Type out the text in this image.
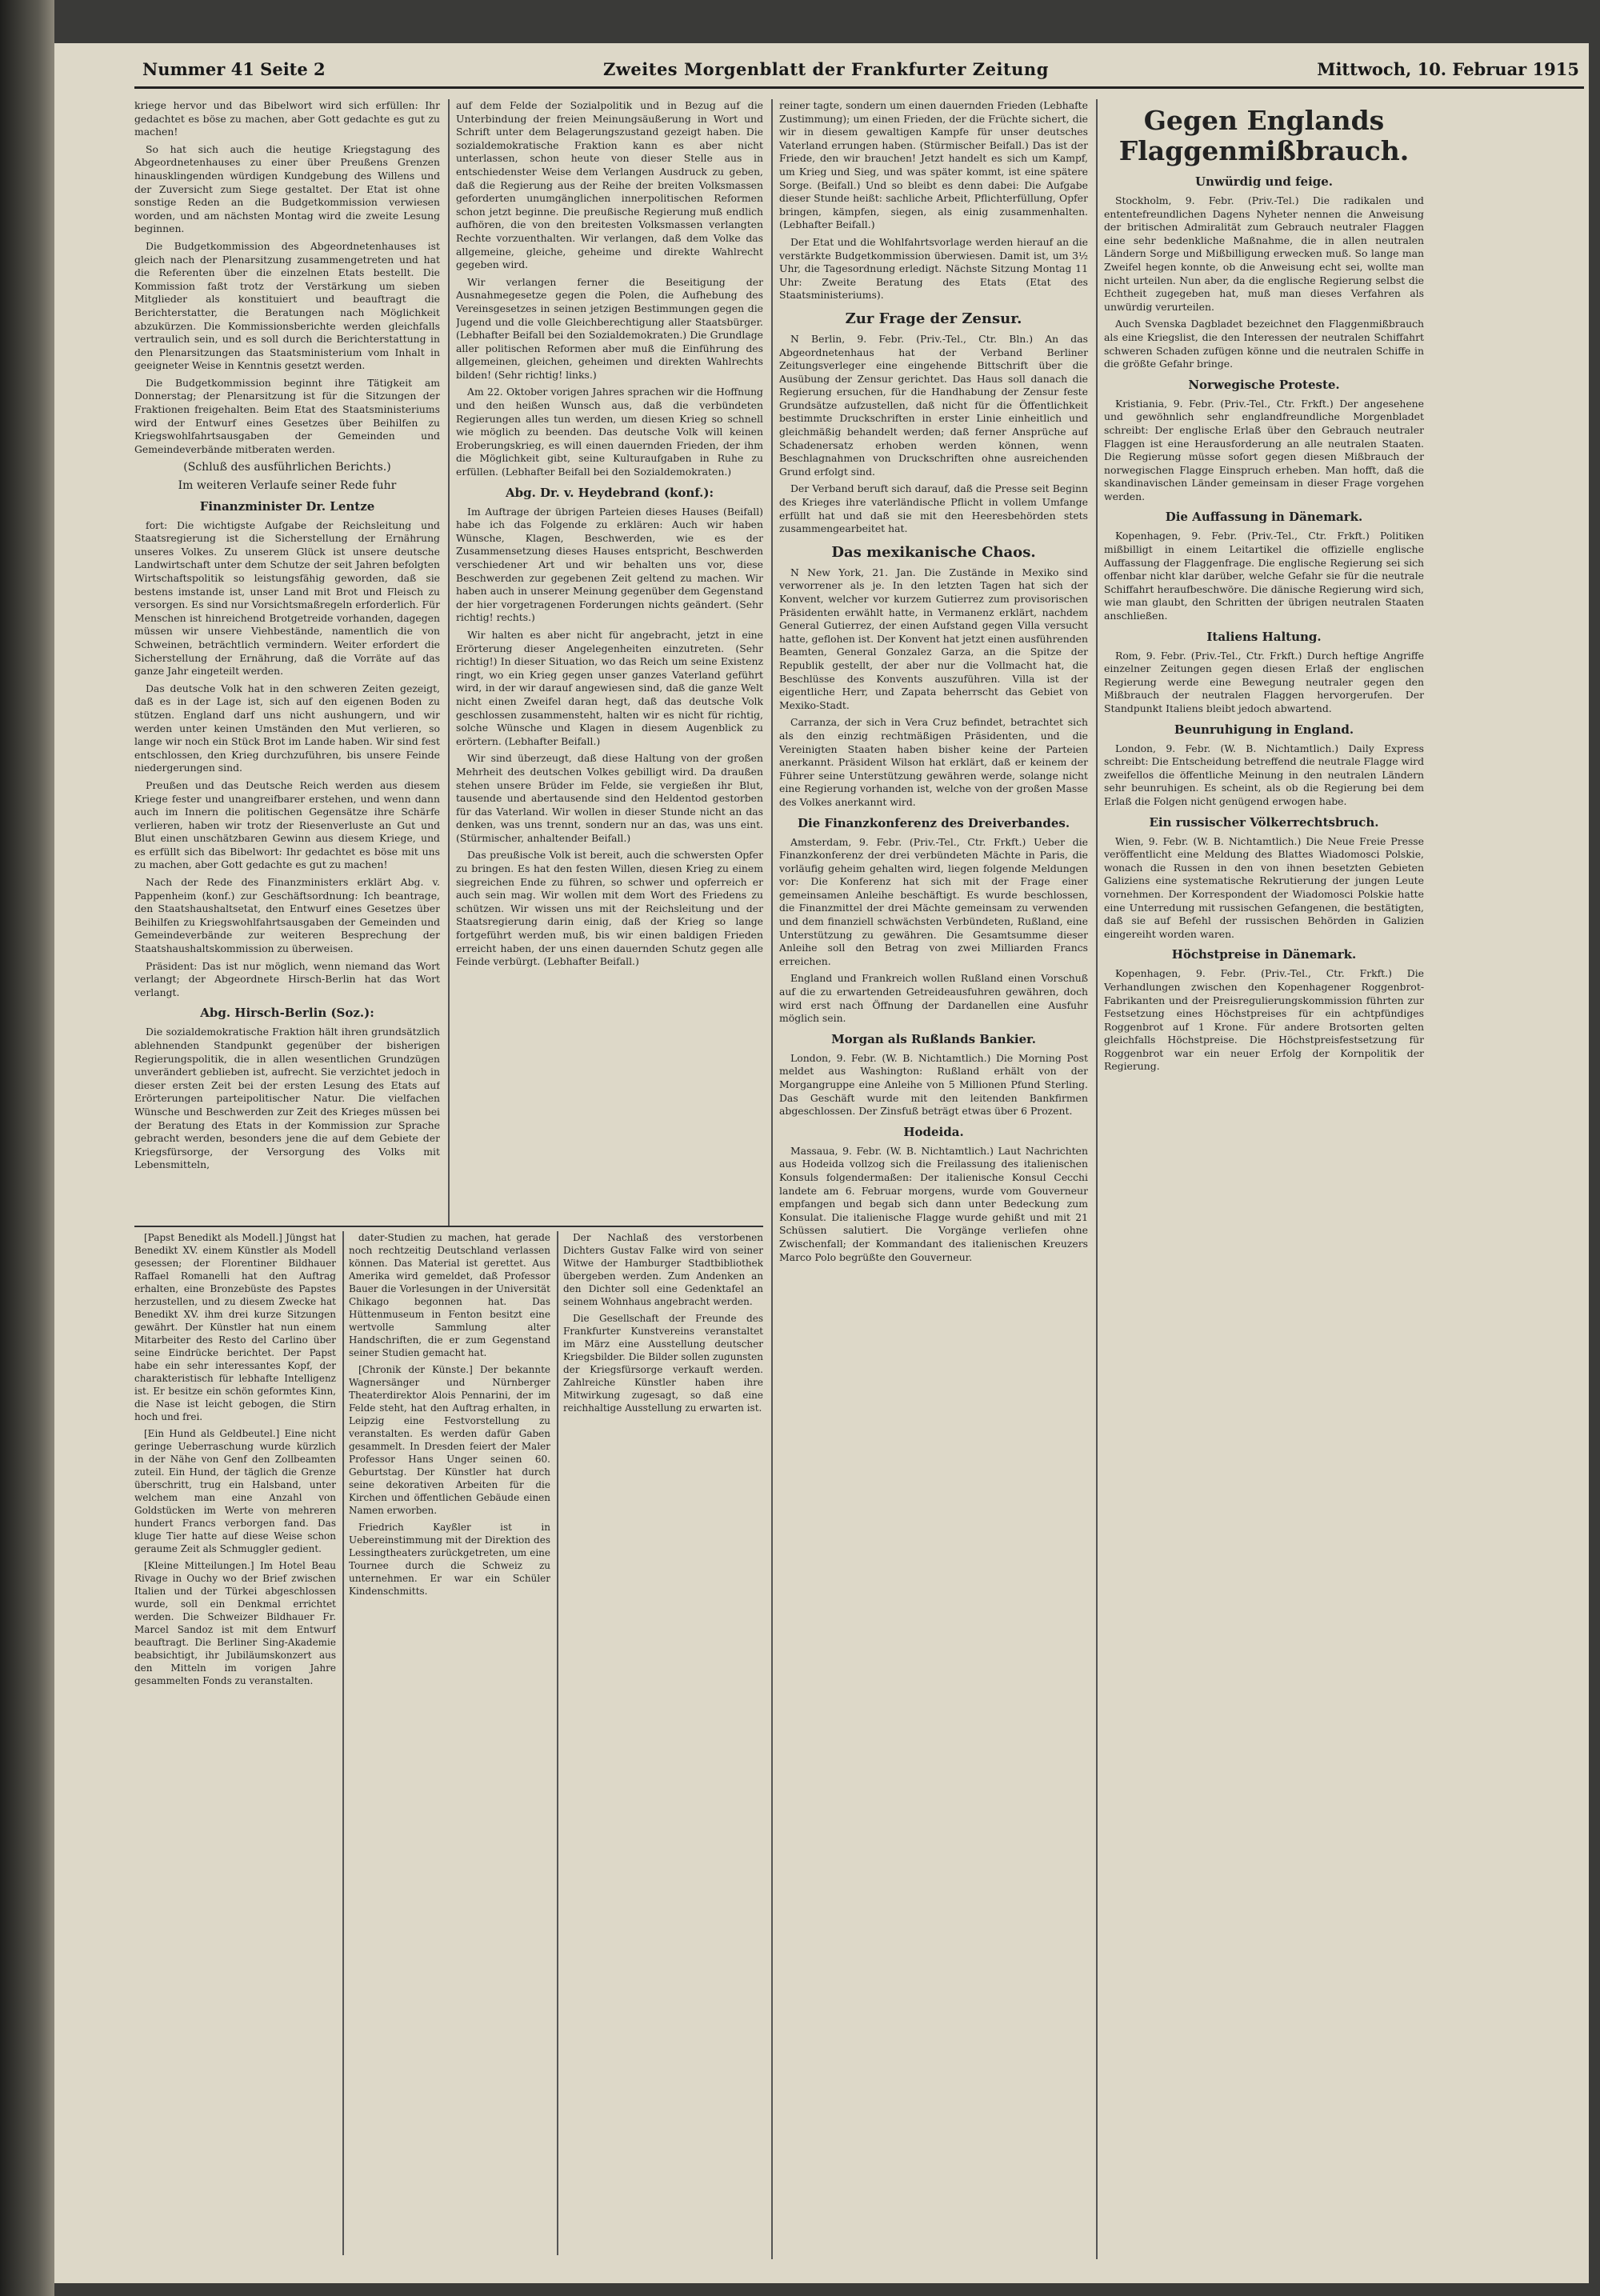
Nummer 41 Seite 2	Zweites Morgenblatt der Frankfurter Zeitung	Mittwoch, 10. Februar 1915

kriege hervor und das Bibelwort wird sich erfüllen: Ihr gedachtet es böse zu machen, aber Gott gedachte es gut zu machen!

So hat sich auch die heutige Kriegstagung des Abgeordnetenhauses zu einer über Preußens Grenzen hinausklingenden würdigen Kundgebung des Willens und der Zuversicht zum Siege gestaltet. Der Etat ist ohne sonstige Reden an die Budgetkommission verwiesen worden, und am nächsten Montag wird die zweite Lesung beginnen.

Die Budgetkommission des Abgeordnetenhauses ist gleich nach der Plenarsitzung zusammengetreten und hat die Referenten über die einzelnen Etats bestellt. Die Kommission faßt trotz der Verstärkung um sieben Mitglieder als konstituiert und beauftragt die Berichterstatter, die Beratungen nach Möglichkeit abzukürzen. Die Kommissionsberichte werden gleichfalls vertraulich sein, und es soll durch die Berichterstattung in den Plenarsitzungen das Staatsministerium vom Inhalt in geeigneter Weise in Kenntnis gesetzt werden.

Die Budgetkommission beginnt ihre Tätigkeit am Donnerstag; der Plenarsitzung ist für die Sitzungen der Fraktionen freigehalten. Beim Etat des Staatsministeriums wird der Entwurf eines Gesetzes über Beihilfen zu Kriegswohlfahrtsausgaben der Gemeinden und Gemeindeverbände mitberaten werden.

(Schluß des ausführlichen Berichts.)
Im weiteren Verlaufe seiner Rede fuhr
Finanzminister Dr. Lentze

fort: Die wichtigste Aufgabe der Reichsleitung und Staatsregierung ist die Sicherstellung der Ernährung unseres Volkes. Zu unserem Glück ist unsere deutsche Landwirtschaft unter dem Schutze der seit Jahren befolgten Wirtschaftspolitik so leistungsfähig geworden, daß sie bestens imstande ist, unser Land mit Brot und Fleisch zu versorgen. Es sind nur Vorsichtsmaßregeln erforderlich. Für Menschen ist hinreichend Brotgetreide vorhanden, dagegen müssen wir unsere Viehbestände, namentlich die von Schweinen, beträchtlich vermindern. Weiter erfordert die Sicherstellung der Ernährung, daß die Vorräte auf das ganze Jahr eingeteilt werden.

Das deutsche Volk hat in den schweren Zeiten gezeigt, daß es in der Lage ist, sich auf den eigenen Boden zu stützen. England darf uns nicht aushungern, und wir werden unter keinen Umständen den Mut verlieren, so lange wir noch ein Stück Brot im Lande haben. Wir sind fest entschlossen, den Krieg durchzuführen, bis unsere Feinde niedergerungen sind.

Preußen und das Deutsche Reich werden aus diesem Kriege fester und unangreifbarer erstehen, und wenn dann auch im Innern die politischen Gegensätze ihre Schärfe verlieren, haben wir trotz der Riesenverluste an Gut und Blut einen unschätzbaren Gewinn aus diesem Kriege, und es erfüllt sich das Bibelwort: Ihr gedachtet es böse mit uns zu machen, aber Gott gedachte es gut zu machen!

Nach der Rede des Finanzministers erklärt Abg. v. Pappenheim (konf.) zur Geschäftsordnung: Ich beantrage, den Staatshaushaltsetat, den Entwurf eines Gesetzes über Beihilfen zu Kriegswohlfahrtsausgaben der Gemeinden und Gemeindeverbände zur weiteren Besprechung der Staatshaushaltskommission zu überweisen.

Präsident: Das ist nur möglich, wenn niemand das Wort verlangt; der Abgeordnete Hirsch-Berlin hat das Wort verlangt.

Abg. Hirsch-Berlin (Soz.):

Die sozialdemokratische Fraktion hält ihren grundsätzlich ablehnenden Standpunkt gegenüber der bisherigen Regierungspolitik, die in allen wesentlichen Grundzügen unverändert geblieben ist, aufrecht. Sie verzichtet jedoch in dieser ersten Zeit bei der ersten Lesung des Etats auf Erörterungen parteipolitischer Natur. Die vielfachen Wünsche und Beschwerden zur Zeit des Krieges müssen bei der Beratung des Etats in der Kommission zur Sprache gebracht werden, besonders jene die auf dem Gebiete der Kriegsfürsorge, der Versorgung des Volks mit Lebensmitteln,

auf dem Felde der Sozialpolitik und in Bezug auf die Unterbindung der freien Meinungsäußerung in Wort und Schrift unter dem Belagerungszustand gezeigt haben. Die sozialdemokratische Fraktion kann es aber nicht unterlassen, schon heute von dieser Stelle aus in entschiedenster Weise dem Verlangen Ausdruck zu geben, daß die Regierung aus der Reihe der breiten Volksmassen geforderten unumgänglichen innerpolitischen Reformen schon jetzt beginne. Die preußische Regierung muß endlich aufhören, die von den breitesten Volksmassen verlangten Rechte vorzuenthalten. Wir verlangen, daß dem Volke das allgemeine, gleiche, geheime und direkte Wahlrecht gegeben wird.

Wir verlangen ferner die Beseitigung der Ausnahmegesetze gegen die Polen, die Aufhebung des Vereinsgesetzes in seinen jetzigen Bestimmungen gegen die Jugend und die volle Gleichberechtigung aller Staatsbürger. (Lebhafter Beifall bei den Sozialdemokraten.) Die Grundlage aller politischen Reformen aber muß die Einführung des allgemeinen, gleichen, geheimen und direkten Wahlrechts bilden! (Sehr richtig! links.)

Am 22. Oktober vorigen Jahres sprachen wir die Hoffnung und den heißen Wunsch aus, daß die verbündeten Regierungen alles tun werden, um diesen Krieg so schnell wie möglich zu beenden. Das deutsche Volk will keinen Eroberungskrieg, es will einen dauernden Frieden, der ihm die Möglichkeit gibt, seine Kulturaufgaben in Ruhe zu erfüllen. (Lebhafter Beifall bei den Sozialdemokraten.)

Abg. Dr. v. Heydebrand (konf.):

Im Auftrage der übrigen Parteien dieses Hauses (Beifall) habe ich das Folgende zu erklären: Auch wir haben Wünsche, Klagen, Beschwerden, wie es der Zusammensetzung dieses Hauses entspricht, Beschwerden verschiedener Art und wir behalten uns vor, diese Beschwerden zur gegebenen Zeit geltend zu machen. Wir haben auch in unserer Meinung gegenüber dem Gegenstand der hier vorgetragenen Forderungen nichts geändert. (Sehr richtig! rechts.)

Wir halten es aber nicht für angebracht, jetzt in eine Erörterung dieser Angelegenheiten einzutreten. (Sehr richtig!) In dieser Situation, wo das Reich um seine Existenz ringt, wo ein Krieg gegen unser ganzes Vaterland geführt wird, in der wir darauf angewiesen sind, daß die ganze Welt nicht einen Zweifel daran hegt, daß das deutsche Volk geschlossen zusammensteht, halten wir es nicht für richtig, solche Wünsche und Klagen in diesem Augenblick zu erörtern. (Lebhafter Beifall.)

Wir sind überzeugt, daß diese Haltung von der großen Mehrheit des deutschen Volkes gebilligt wird. Da draußen stehen unsere Brüder im Felde, sie vergießen ihr Blut, tausende und abertausende sind den Heldentod gestorben für das Vaterland. Wir wollen in dieser Stunde nicht an das denken, was uns trennt, sondern nur an das, was uns eint. (Stürmischer, anhaltender Beifall.)

Das preußische Volk ist bereit, auch die schwersten Opfer zu bringen. Es hat den festen Willen, diesen Krieg zu einem siegreichen Ende zu führen, so schwer und opferreich er auch sein mag. Wir wollen mit dem Wort des Friedens zu schützen. Wir wissen uns mit der Reichsleitung und der Staatsregierung darin einig, daß der Krieg so lange fortgeführt werden muß, bis wir einen baldigen Frieden erreicht haben, der uns einen dauernden Schutz gegen alle Feinde verbürgt. (Lebhafter Beifall.)

reiner tagte, sondern um einen dauernden Frieden (Lebhafte Zustimmung); um einen Frieden, der die Früchte sichert, die wir in diesem gewaltigen Kampfe für unser deutsches Vaterland errungen haben. (Stürmischer Beifall.) Das ist der Friede, den wir brauchen! Jetzt handelt es sich um Kampf, um Krieg und Sieg, und was später kommt, ist eine spätere Sorge. (Beifall.) Und so bleibt es denn dabei: Die Aufgabe dieser Stunde heißt: sachliche Arbeit, Pflichterfüllung, Opfer bringen, kämpfen, siegen, als einig zusammenhalten. (Lebhafter Beifall.)

Der Etat und die Wohlfahrtsvorlage werden hierauf an die verstärkte Budgetkommission überwiesen. Damit ist, um 3½ Uhr, die Tagesordnung erledigt. Nächste Sitzung Montag 11 Uhr: Zweite Beratung des Etats (Etat des Staatsministeriums).

Zur Frage der Zensur.

N Berlin, 9. Febr. (Priv.-Tel., Ctr. Bln.) An das Abgeordnetenhaus hat der Verband Berliner Zeitungsverleger eine eingehende Bittschrift über die Ausübung der Zensur gerichtet. Das Haus soll danach die Regierung ersuchen, für die Handhabung der Zensur feste Grundsätze aufzustellen, daß nicht für die Öffentlichkeit bestimmte Druckschriften in erster Linie einheitlich und gleichmäßig behandelt werden; daß ferner Ansprüche auf Schadenersatz erhoben werden können, wenn Beschlagnahmen von Druckschriften ohne ausreichenden Grund erfolgt sind.

Der Verband beruft sich darauf, daß die Presse seit Beginn des Krieges ihre vaterländische Pflicht in vollem Umfange erfüllt hat und daß sie mit den Heeresbehörden stets zusammengearbeitet hat.

Das mexikanische Chaos.

N New York, 21. Jan. Die Zustände in Mexiko sind verworrener als je. In den letzten Tagen hat sich der Konvent, welcher vor kurzem Gutierrez zum provisorischen Präsidenten erwählt hatte, in Vermanenz erklärt, nachdem General Gutierrez, der einen Aufstand gegen Villa versucht hatte, geflohen ist. Der Konvent hat jetzt einen ausführenden Beamten, General Gonzalez Garza, an die Spitze der Republik gestellt, der aber nur die Vollmacht hat, die Beschlüsse des Konvents auszuführen. Villa ist der eigentliche Herr, und Zapata beherrscht das Gebiet von Mexiko-Stadt.

Carranza, der sich in Vera Cruz befindet, betrachtet sich als den einzig rechtmäßigen Präsidenten, und die Vereinigten Staaten haben bisher keine der Parteien anerkannt. Präsident Wilson hat erklärt, daß er keinem der Führer seine Unterstützung gewähren werde, solange nicht eine Regierung vorhanden ist, welche von der großen Masse des Volkes anerkannt wird.

Die Finanzkonferenz des Dreiverbandes.

Amsterdam, 9. Febr. (Priv.-Tel., Ctr. Frkft.) Ueber die Finanzkonferenz der drei verbündeten Mächte in Paris, die vorläufig geheim gehalten wird, liegen folgende Meldungen vor: Die Konferenz hat sich mit der Frage einer gemeinsamen Anleihe beschäftigt. Es wurde beschlossen, die Finanzmittel der drei Mächte gemeinsam zu verwenden und dem finanziell schwächsten Verbündeten, Rußland, eine Unterstützung zu gewähren. Die Gesamtsumme dieser Anleihe soll den Betrag von zwei Milliarden Francs erreichen.

England und Frankreich wollen Rußland einen Vorschuß auf die zu erwartenden Getreideausfuhren gewähren, doch wird erst nach Öffnung der Dardanellen eine Ausfuhr möglich sein.

Morgan als Rußlands Bankier.

London, 9. Febr. (W. B. Nichtamtlich.) Die Morning Post meldet aus Washington: Rußland erhält von der Morgangruppe eine Anleihe von 5 Millionen Pfund Sterling. Das Geschäft wurde mit den leitenden Bankfirmen abgeschlossen. Der Zinsfuß beträgt etwas über 6 Prozent.

Hodeida.

Massaua, 9. Febr. (W. B. Nichtamtlich.) Laut Nachrichten aus Hodeida vollzog sich die Freilassung des italienischen Konsuls folgendermaßen: Der italienische Konsul Cecchi landete am 6. Februar morgens, wurde vom Gouverneur empfangen und begab sich dann unter Bedeckung zum Konsulat. Die italienische Flagge wurde gehißt und mit 21 Schüssen salutiert. Die Vorgänge verliefen ohne Zwischenfall; der Kommandant des italienischen Kreuzers Marco Polo begrüßte den Gouverneur.

Gegen Englands Flaggenmißbrauch.
Unwürdig und feige.

Stockholm, 9. Febr. (Priv.-Tel.) Die radikalen und ententefreundlichen Dagens Nyheter nennen die Anweisung der britischen Admiralität zum Gebrauch neutraler Flaggen eine sehr bedenkliche Maßnahme, die in allen neutralen Ländern Sorge und Mißbilligung erwecken muß. So lange man Zweifel hegen konnte, ob die Anweisung echt sei, wollte man nicht urteilen. Nun aber, da die englische Regierung selbst die Echtheit zugegeben hat, muß man dieses Verfahren als unwürdig verurteilen.

Auch Svenska Dagbladet bezeichnet den Flaggenmißbrauch als eine Kriegslist, die den Interessen der neutralen Schiffahrt schweren Schaden zufügen könne und die neutralen Schiffe in die größte Gefahr bringe.

Norwegische Proteste.

Kristiania, 9. Febr. (Priv.-Tel., Ctr. Frkft.) Der angesehene und gewöhnlich sehr englandfreundliche Morgenbladet schreibt: Der englische Erlaß über den Gebrauch neutraler Flaggen ist eine Herausforderung an alle neutralen Staaten. Die Regierung müsse sofort gegen diesen Mißbrauch der norwegischen Flagge Einspruch erheben. Man hofft, daß die skandinavischen Länder gemeinsam in dieser Frage vorgehen werden.

Die Auffassung in Dänemark.

Kopenhagen, 9. Febr. (Priv.-Tel., Ctr. Frkft.) Politiken mißbilligt in einem Leitartikel die offizielle englische Auffassung der Flaggenfrage. Die englische Regierung sei sich offenbar nicht klar darüber, welche Gefahr sie für die neutrale Schiffahrt heraufbeschwöre. Die dänische Regierung wird sich, wie man glaubt, den Schritten der übrigen neutralen Staaten anschließen.

Italiens Haltung.

Rom, 9. Febr. (Priv.-Tel., Ctr. Frkft.) Durch heftige Angriffe einzelner Zeitungen gegen diesen Erlaß der englischen Regierung werde eine Bewegung neutraler gegen den Mißbrauch der neutralen Flaggen hervorgerufen. Der Standpunkt Italiens bleibt jedoch abwartend.

Beunruhigung in England.

London, 9. Febr. (W. B. Nichtamtlich.) Daily Express schreibt: Die Entscheidung betreffend die neutrale Flagge wird zweifellos die öffentliche Meinung in den neutralen Ländern sehr beunruhigen. Es scheint, als ob die Regierung bei dem Erlaß die Folgen nicht genügend erwogen habe.

Ein russischer Völkerrechtsbruch.

Wien, 9. Febr. (W. B. Nichtamtlich.) Die Neue Freie Presse veröffentlicht eine Meldung des Blattes Wiadomosci Polskie, wonach die Russen in den von ihnen besetzten Gebieten Galiziens eine systematische Rekrutierung der jungen Leute vornehmen. Der Korrespondent der Wiadomosci Polskie hatte eine Unterredung mit russischen Gefangenen, die bestätigten, daß sie auf Befehl der russischen Behörden in Galizien eingereiht worden waren.

Höchstpreise in Dänemark.

Kopenhagen, 9. Febr. (Priv.-Tel., Ctr. Frkft.) Die Verhandlungen zwischen den Kopenhagener Roggenbrot-Fabrikanten und der Preisregulierungskommission führten zur Festsetzung eines Höchstpreises für ein achtpfündiges Roggenbrot auf 1 Krone. Für andere Brotsorten gelten gleichfalls Höchstpreise. Die Höchstpreisfestsetzung für Roggenbrot war ein neuer Erfolg der Kornpolitik der Regierung.

[Papst Benedikt als Modell.] Jüngst hat Benedikt XV. einem Künstler als Modell gesessen; der Florentiner Bildhauer Raffael Romanelli hat den Auftrag erhalten, eine Bronzebüste des Papstes herzustellen, und zu diesem Zwecke hat Benedikt XV. ihm drei kurze Sitzungen gewährt. Der Künstler hat nun einem Mitarbeiter des Resto del Carlino über seine Eindrücke berichtet. Der Papst habe ein sehr interessantes Kopf, der charakteristisch für lebhafte Intelligenz ist. Er besitze ein schön geformtes Kinn, die Nase ist leicht gebogen, die Stirn hoch und frei.

[Ein Hund als Geldbeutel.] Eine nicht geringe Ueberraschung wurde kürzlich in der Nähe von Genf den Zollbeamten zuteil. Ein Hund, der täglich die Grenze überschritt, trug ein Halsband, unter welchem man eine Anzahl von Goldstücken im Werte von mehreren hundert Francs verborgen fand. Das kluge Tier hatte auf diese Weise schon geraume Zeit als Schmuggler gedient.

[Kleine Mitteilungen.] Im Hotel Beau Rivage in Ouchy wo der Brief zwischen Italien und der Türkei abgeschlossen wurde, soll ein Denkmal errichtet werden. Die Schweizer Bildhauer Fr. Marcel Sandoz ist mit dem Entwurf beauftragt. Die Berliner Sing-Akademie beabsichtigt, ihr Jubiläumskonzert aus den Mitteln im vorigen Jahre gesammelten Fonds zu veranstalten.

dater-Studien zu machen, hat gerade noch rechtzeitig Deutschland verlassen können. Das Material ist gerettet. Aus Amerika wird gemeldet, daß Professor Bauer die Vorlesungen in der Universität Chikago begonnen hat. Das Hüttenmuseum in Fenton besitzt eine wertvolle Sammlung alter Handschriften, die er zum Gegenstand seiner Studien gemacht hat.

[Chronik der Künste.] Der bekannte Wagnersänger und Nürnberger Theaterdirektor Alois Pennarini, der im Felde steht, hat den Auftrag erhalten, in Leipzig eine Festvorstellung zu veranstalten. Es werden dafür Gaben gesammelt. In Dresden feiert der Maler Professor Hans Unger seinen 60. Geburtstag. Der Künstler hat durch seine dekorativen Arbeiten für die Kirchen und öffentlichen Gebäude einen Namen erworben.

Friedrich Kayßler ist in Uebereinstimmung mit der Direktion des Lessingtheaters zurückgetreten, um eine Tournee durch die Schweiz zu unternehmen. Er war ein Schüler Kindenschmitts.

Der Nachlaß des verstorbenen Dichters Gustav Falke wird von seiner Witwe der Hamburger Stadtbibliothek übergeben werden. Zum Andenken an den Dichter soll eine Gedenktafel an seinem Wohnhaus angebracht werden.

Die Gesellschaft der Freunde des Frankfurter Kunstvereins veranstaltet im März eine Ausstellung deutscher Kriegsbilder. Die Bilder sollen zugunsten der Kriegsfürsorge verkauft werden. Zahlreiche Künstler haben ihre Mitwirkung zugesagt, so daß eine reichhaltige Ausstellung zu erwarten ist.
